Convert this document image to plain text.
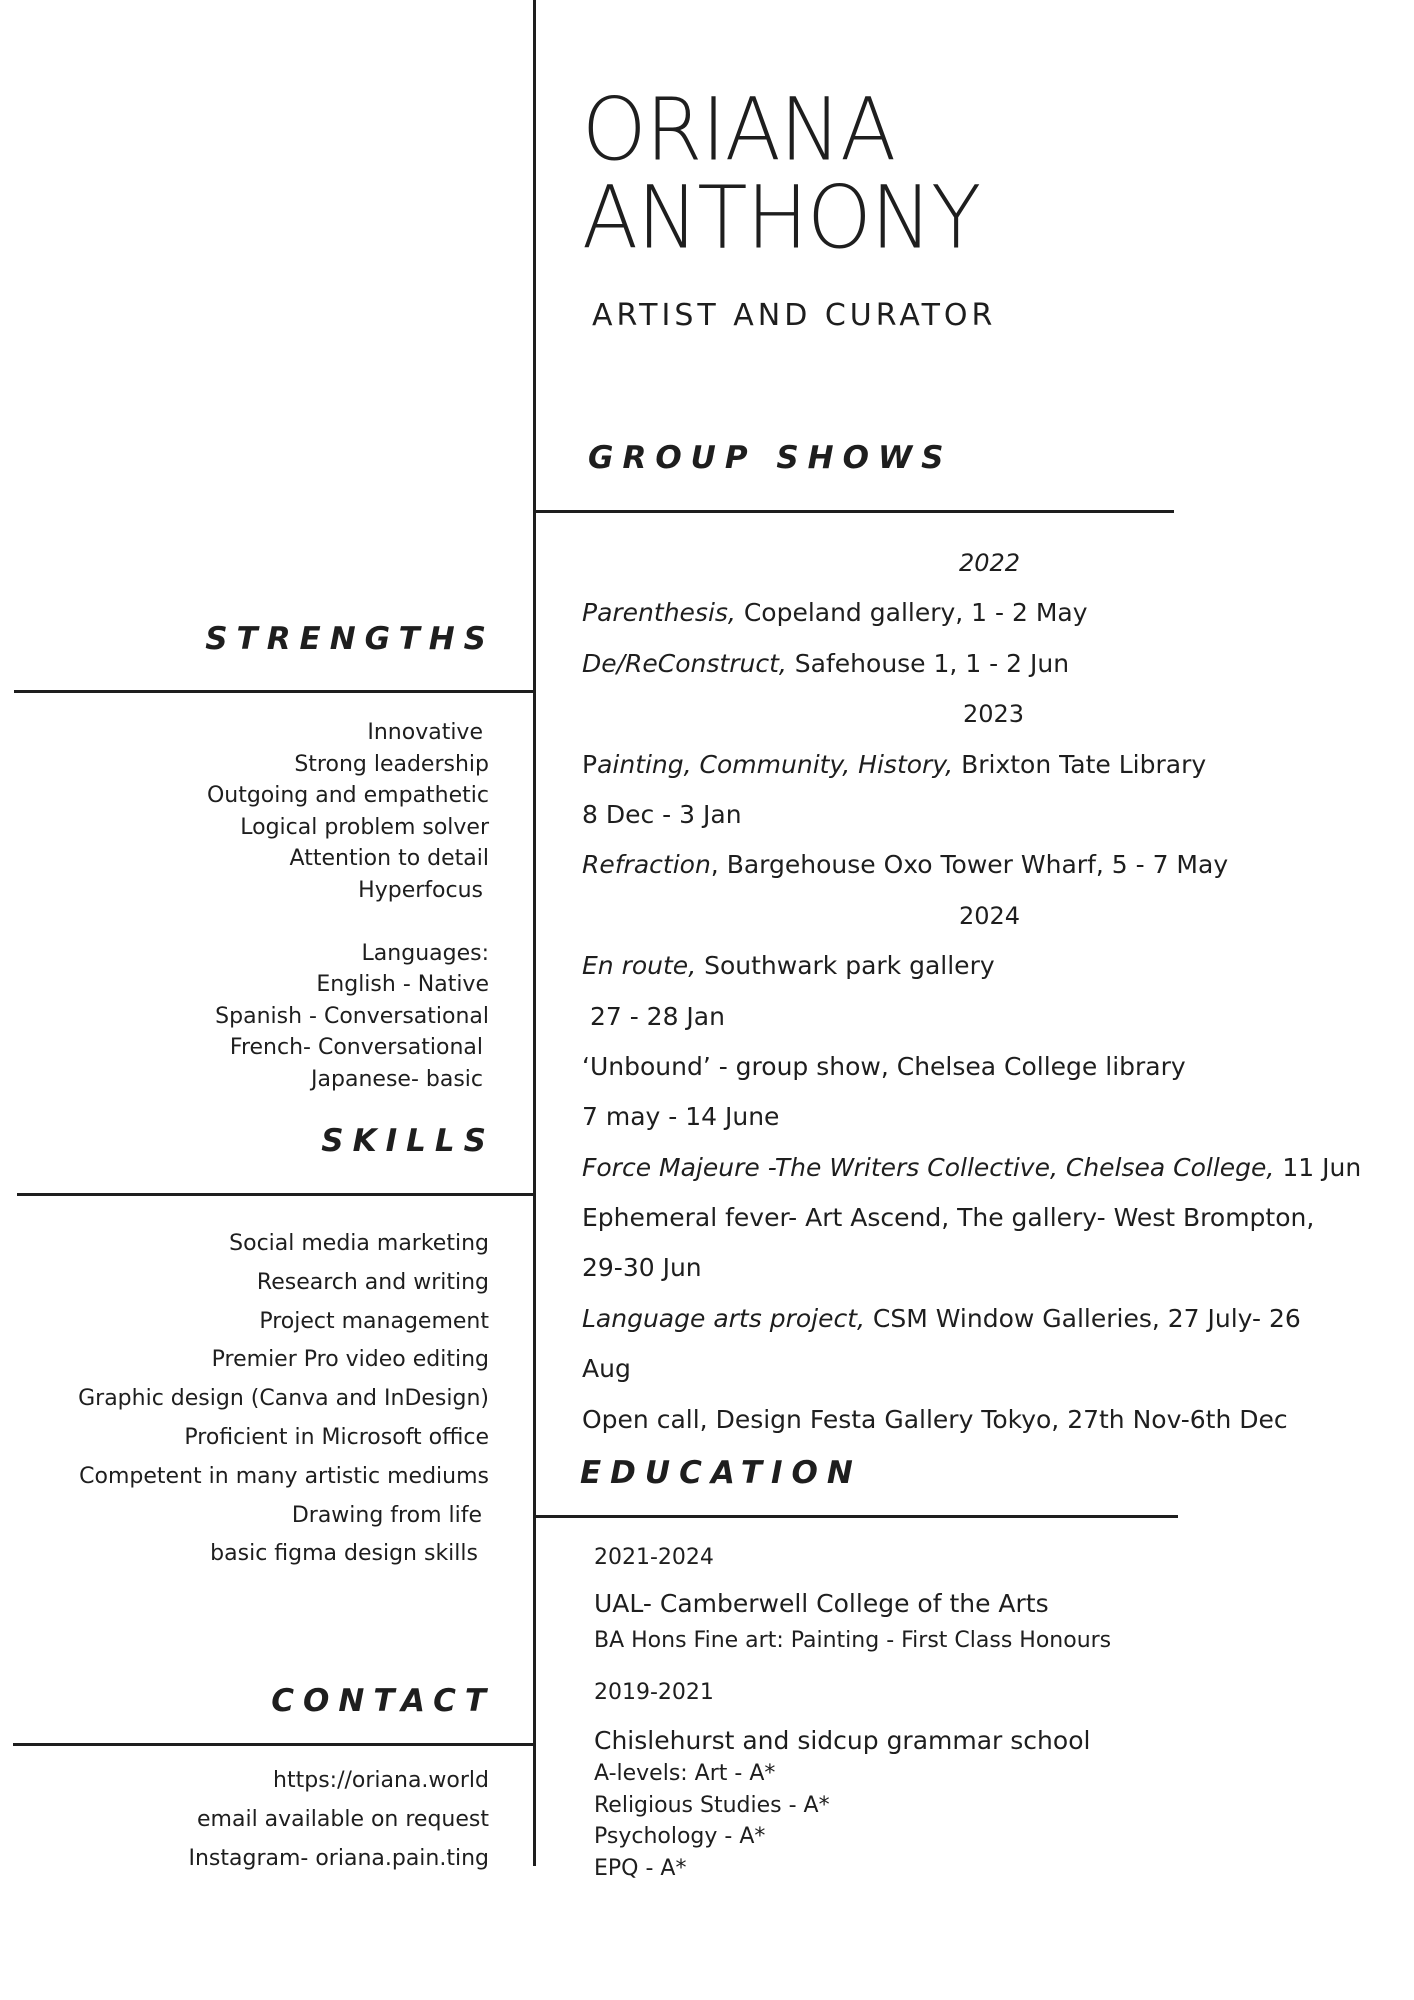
ORIANA
ANTHONY
ARTIST AND CURATOR
GROUP SHOWS
STRENGTHS
SKILLS
EDUCATION
CONTACT
Innovative
Strong leadership
Outgoing and empathetic
Logical problem solver
Attention to detail
Hyperfocus
Languages:
English - Native
Spanish - Conversational
French- Conversational
Japanese- basic
Social media marketing
Research and writing
Project management
Premier Pro video editing
Graphic design (Canva and InDesign)
Proficient in Microsoft office
Competent in many artistic mediums
Drawing from life
basic figma design skills
https://oriana.world
email available on request
Instagram- oriana.pain.ting
2022
Parenthesis, Copeland gallery, 1 - 2 May
De/ReConstruct, Safehouse 1, 1 - 2 Jun
2023
Painting, Community, History, Brixton Tate Library
8 Dec - 3 Jan
Refraction, Bargehouse Oxo Tower Wharf, 5 - 7 May
2024
En route, Southwark park gallery
27 - 28 Jan
‘Unbound’ - group show, Chelsea College library
7 may - 14 June
Force Majeure -The Writers Collective, Chelsea College, 11 Jun
Ephemeral fever- Art Ascend, The gallery- West Brompton,
29-30 Jun
Language arts project, CSM Window Galleries, 27 July- 26
Aug
Open call, Design Festa Gallery Tokyo, 27th Nov-6th Dec
2021-2024
UAL- Camberwell College of the Arts
BA Hons Fine art: Painting - First Class Honours
2019-2021
Chislehurst and sidcup grammar school
A-levels: Art - A*
Religious Studies - A*
Psychology - A*
EPQ - A*
